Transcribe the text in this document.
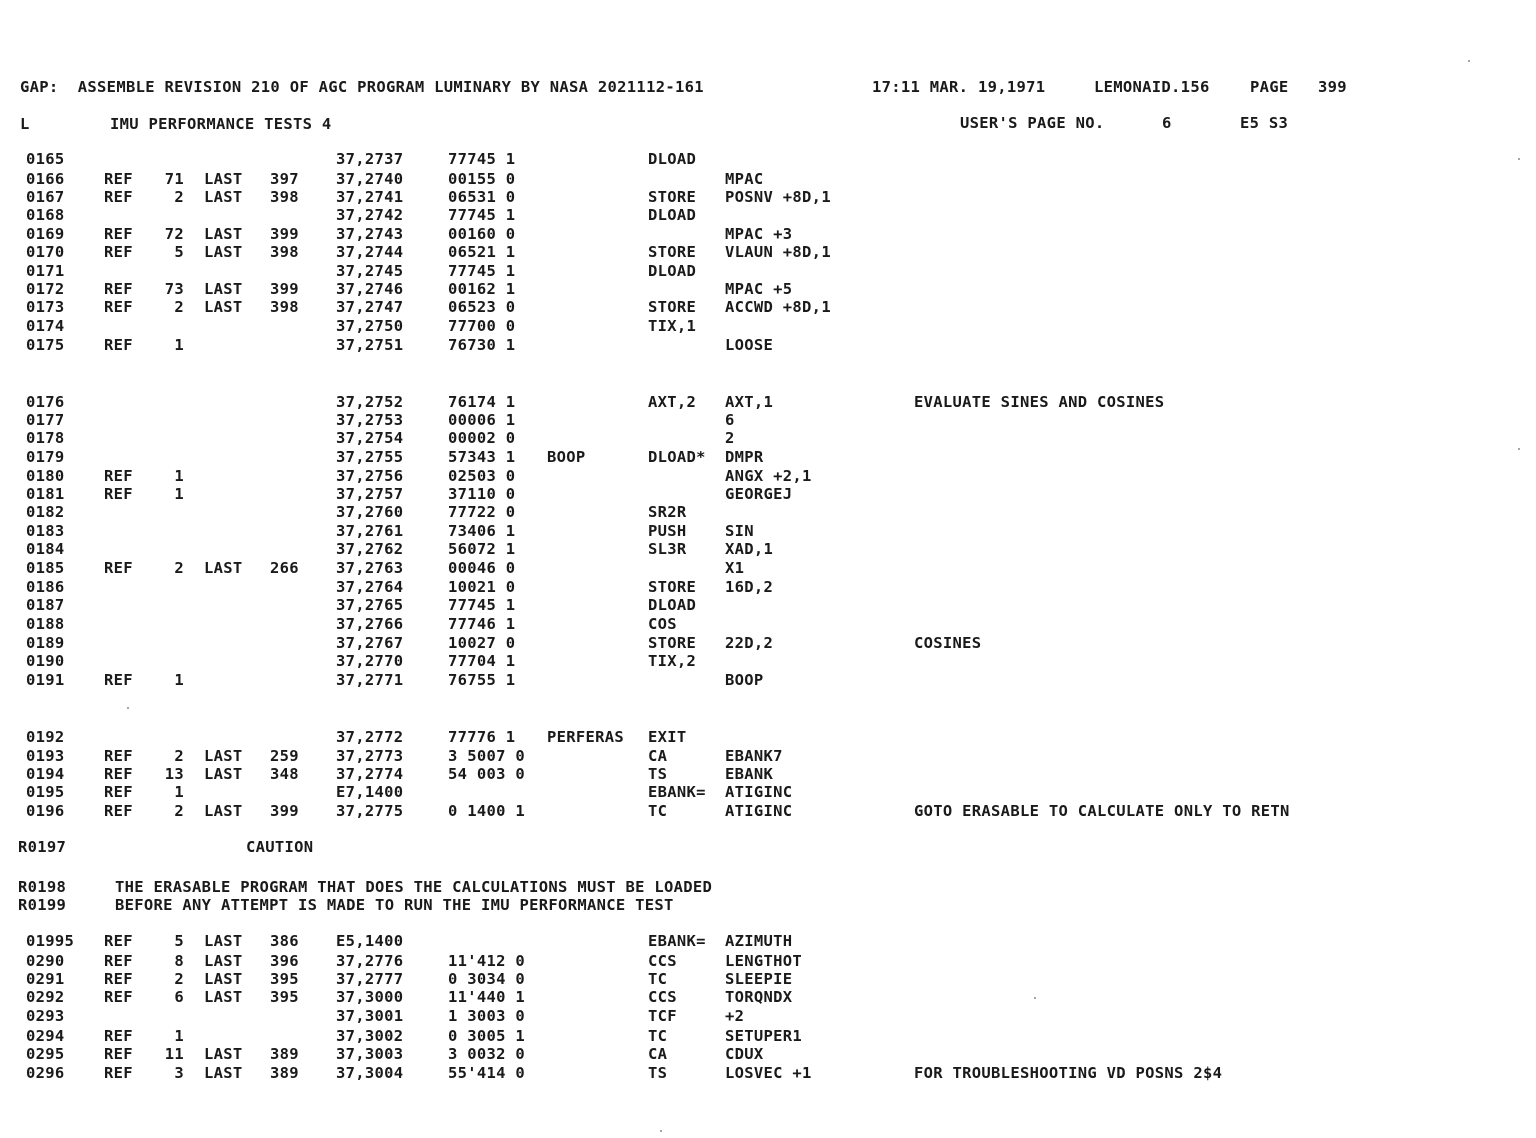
GAP:  ASSEMBLE REVISION 210 OF AGC PROGRAM LUMINARY BY NASA 2021112-161	17:11 MAR. 19,1971	LEMONAID.156	PAGE 399
L	IMU PERFORMANCE TESTS 4	USER'S PAGE NO.	6	E5 S3
0165	37,2737	77745 1	DLOAD
0166	REF	71 LAST 397 37,2740	00155 0	MPAC
0167	REF	2 LAST 398 37,2741	06531 0	STORE POSNV +8D,1
0168	37,2742	77745 1	DLOAD
0169	REF	72 LAST 399 37,2743	00160 0	MPAC +3
0170	REF	5 LAST 398 37,2744	06521 1	STORE VLAUN +8D,1
0171	37,2745	77745 1	DLOAD
0172	REF	73 LAST 399 37,2746	00162 1	MPAC +5
0173	REF	2 LAST 398 37,2747	06523 0	STORE ACCWD +8D,1
0174	37,2750	77700 0	TIX,1
0175	REF	1	37,2751	76730 1	LOOSE
0176	37,2752	76174 1	AXT,2 AXT,1	EVALUATE SINES AND COSINES
0177	37,2753	00006 1	6
0178	37,2754	00002 0	2
0179	37,2755	57343 1 BOOP	DLOAD* DMPR
0180	REF	1	37,2756	02503 0	ANGX +2,1
0181	REF	1	37,2757	37110 0	GEORGEJ
0182	37,2760	77722 0	SR2R
0183	37,2761	73406 1	PUSH SIN
0184	37,2762	56072 1	SL3R XAD,1
0185	REF	2 LAST 266 37,2763	00046 0	X1
0186	37,2764	10021 0	STORE 16D,2
0187	37,2765	77745 1	DLOAD
0188	37,2766	77746 1	COS
0189	37,2767	10027 0	STORE 22D,2	COSINES
0190	37,2770	77704 1	TIX,2
0191	REF	1	37,2771	76755 1	BOOP
0192	37,2772	77776 1 PERFERAS EXIT
0193	REF	2 LAST 259 37,2773	3 5007 0	CA	EBANK7
0194	REF	13 LAST 348 37,2774	54 003 0	TS	EBANK
0195	REF	1	E7,1400	EBANK= ATIGINC
0196	REF	2 LAST 399 37,2775	0 1400 1	TC	ATIGINC	GOTO ERASABLE TO CALCULATE ONLY TO RETN
01995 REF	5 LAST 386 E5,1400	EBANK= AZIMUTH
0290	REF	8 LAST 396 37,2776	11'412 0	CCS	LENGTHOT
0291	REF	2 LAST 395 37,2777	0 3034 0	TC	SLEEPIE
0292	REF	6 LAST 395 37,3000	11'440 1	CCS	TORQNDX
0293	37,3001	1 3003 0	TCF	+2
0294	REF	1	37,3002	0 3005 1	TC	SETUPER1
0295	REF	11 LAST 389 37,3003	3 0032 0	CA	CDUX
0296	REF	3 LAST 389 37,3004	55'414 0	TS	LOSVEC +1	FOR TROUBLESHOOTING VD POSNS 2$4
R0197	CAUTION
R0198	THE ERASABLE PROGRAM THAT DOES THE CALCULATIONS MUST BE LOADED
R0199	BEFORE ANY ATTEMPT IS MADE TO RUN THE IMU PERFORMANCE TEST
